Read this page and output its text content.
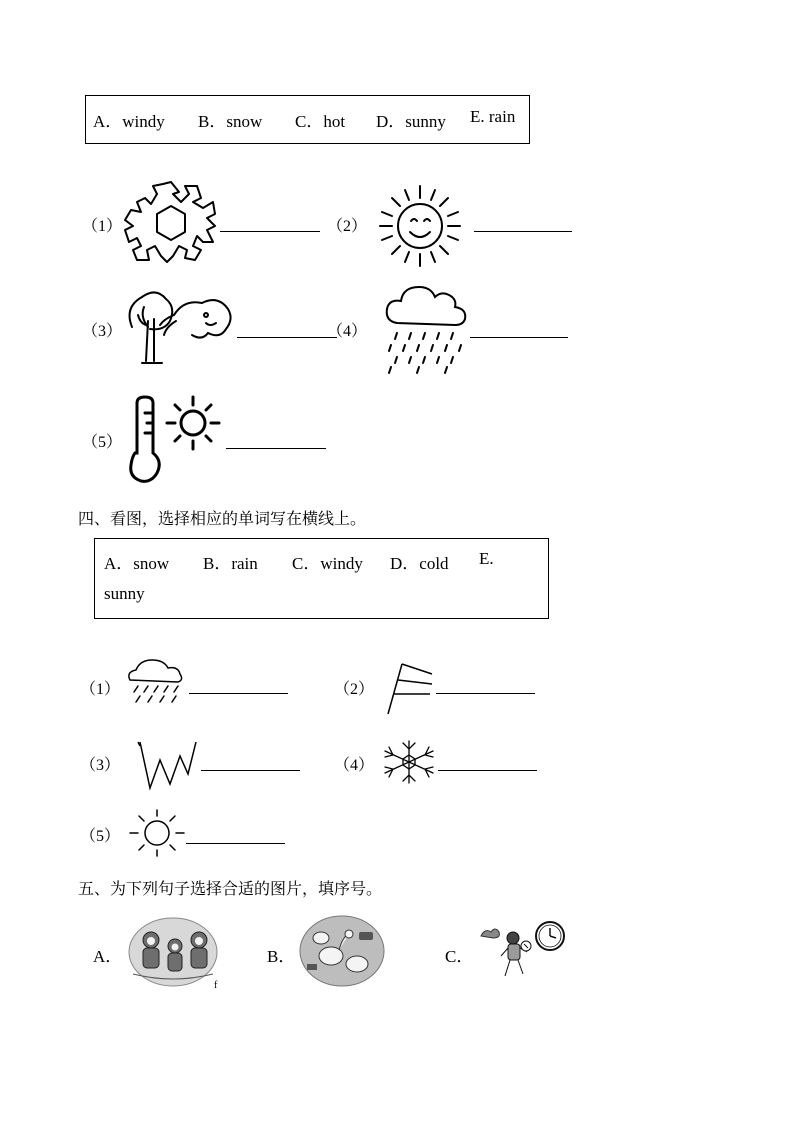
A．windy B．snow C．hot D．sunny E. rain
（1）	（2）
（3）	（4）
（5）
四、看图，选择相应的单词写在横线上。
A．snow B．rain C．windy D．cold E.
sunny
（1）	（2）
（3）	（4）
（5）
五、为下列句子选择合适的图片，填序号。
A．
f
B．	C．
